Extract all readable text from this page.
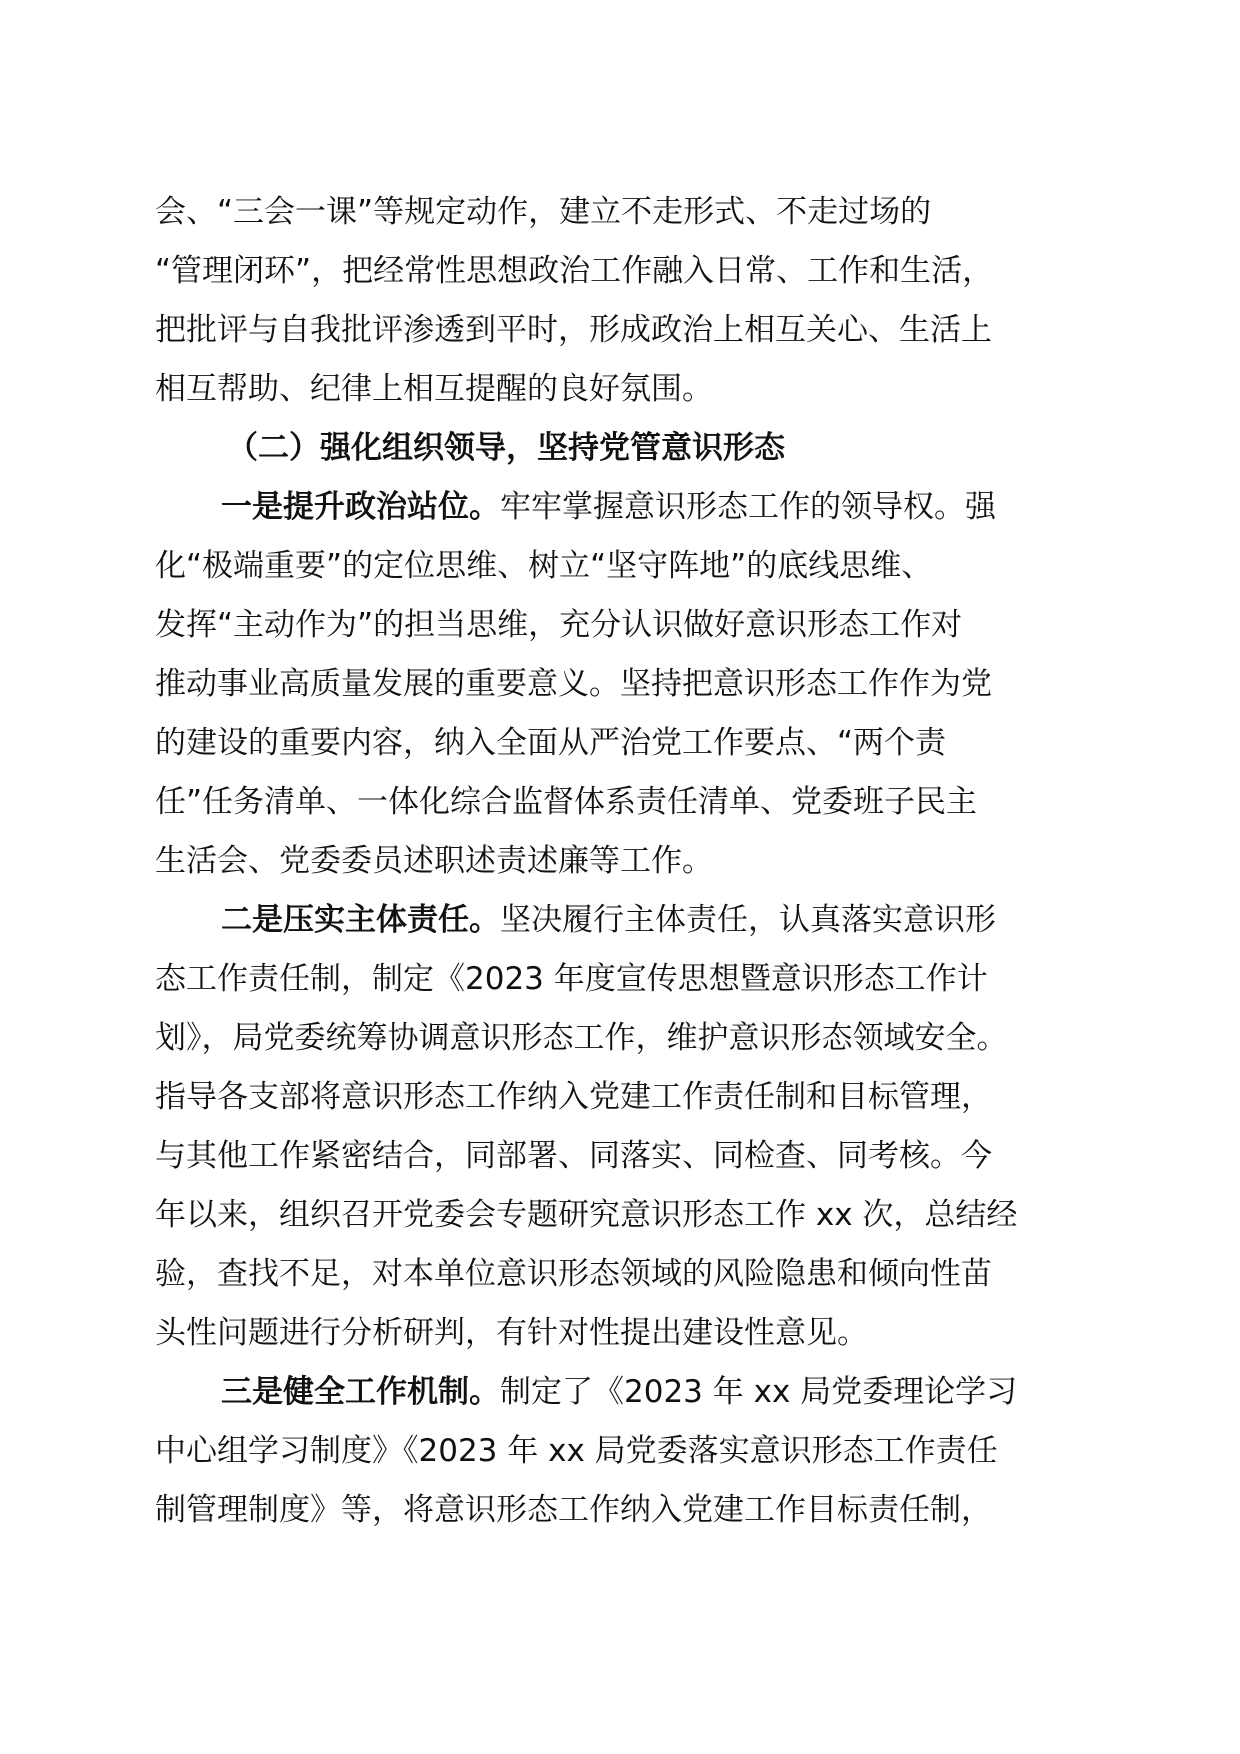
会、“三会一课”等规定动作，建立不走形式、不走过场的
“管理闭环”，把经常性思想政治工作融入日常、工作和生活，
把批评与自我批评渗透到平时，形成政治上相互关心、生活上
相互帮助、纪律上相互提醒的良好氛围。
（二）强化组织领导，坚持党管意识形态
一是提升政治站位。牢牢掌握意识形态工作的领导权。强
化“极端重要”的定位思维、树立“坚守阵地”的底线思维、
发挥“主动作为”的担当思维，充分认识做好意识形态工作对
推动事业高质量发展的重要意义。坚持把意识形态工作作为党
的建设的重要内容，纳入全面从严治党工作要点、“两个责
任”任务清单、一体化综合监督体系责任清单、党委班子民主
生活会、党委委员述职述责述廉等工作。
二是压实主体责任。坚决履行主体责任，认真落实意识形
态工作责任制，制定《2023 年度宣传思想暨意识形态工作计
划》，局党委统筹协调意识形态工作，维护意识形态领域安全。
指导各支部将意识形态工作纳入党建工作责任制和目标管理，
与其他工作紧密结合，同部署、同落实、同检查、同考核。今
年以来，组织召开党委会专题研究意识形态工作 xx 次，总结经
验，查找不足，对本单位意识形态领域的风险隐患和倾向性苗
头性问题进行分析研判，有针对性提出建设性意见。
三是健全工作机制。制定了《2023 年 xx 局党委理论学习
中心组学习制度》《2023 年 xx 局党委落实意识形态工作责任
制管理制度》等，将意识形态工作纳入党建工作目标责任制，
